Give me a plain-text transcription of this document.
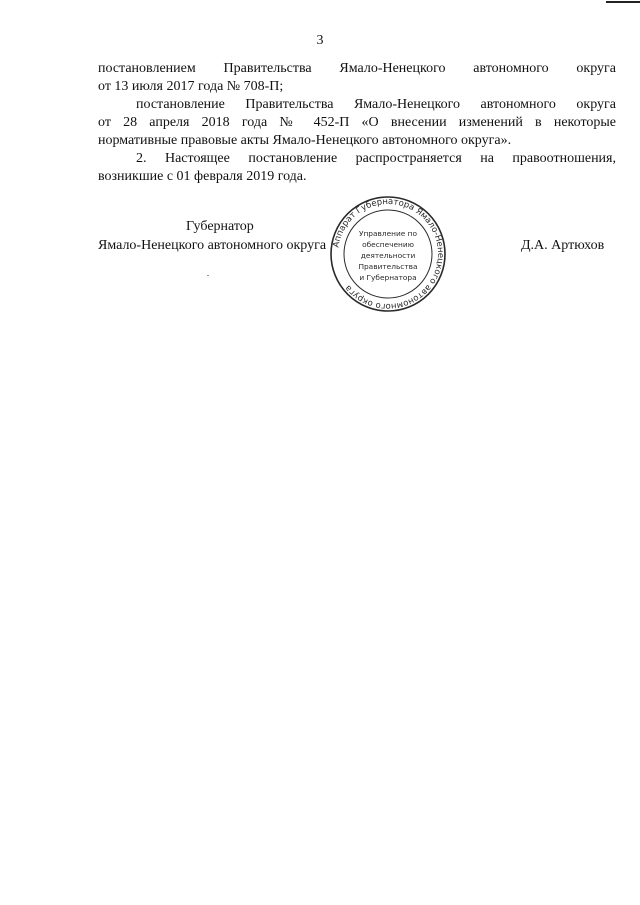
3

постановлением Правительства Ямало-Ненецкого автономного округа
от 13 июля 2017 года № 708-П;

постановление Правительства Ямало-Ненецкого автономного округа
от 28 апреля 2018 года № 452-П «О внесении изменений в некоторые
нормативные правовые акты Ямало-Ненецкого автономного округа».

2. Настоящее постановление распространяется на правоотношения,
возникшие с 01 февраля 2019 года.

Губернатор
Ямало-Ненецкого автономного округа	Д.А. Артюхов
Аппарат Губернатора Ямало-Ненецкого автономного округа
Управление по
обеспечению
деятельности
Правительства
и Губернатора
